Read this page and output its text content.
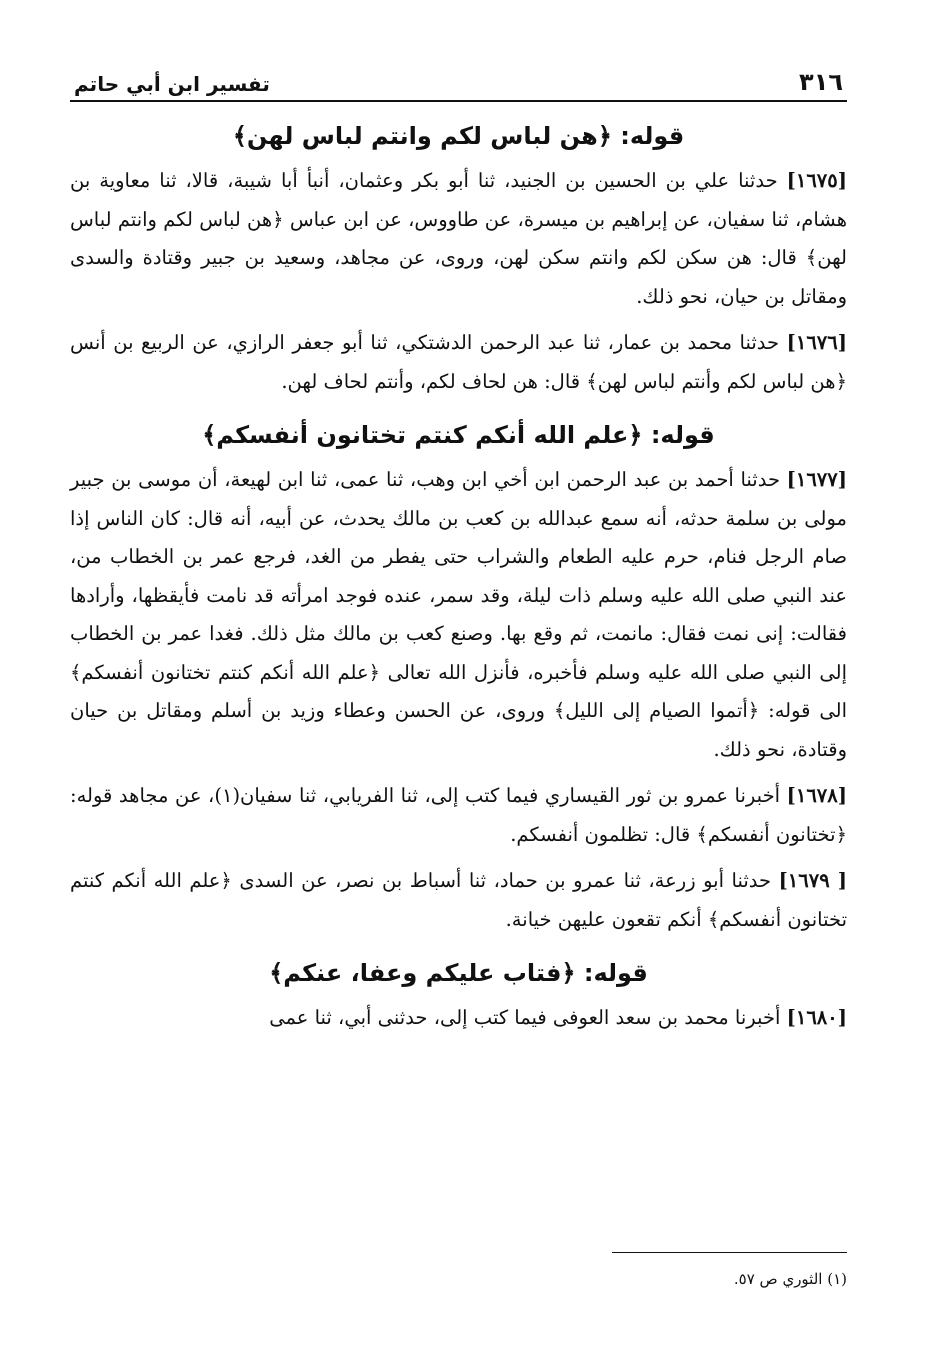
٣١٦
تفسير ابن أبي حاتم
قوله: ﴿هن لباس لكم وانتم لباس لهن﴾

[١٦٧٥] حدثنا علي بن الحسين بن الجنيد، ثنا أبو بكر وعثمان، أنبأ أبا شيبة، قالا، ثنا معاوية بن هشام، ثنا سفيان، عن إبراهيم بن ميسرة، عن طاووس، عن ابن عباس ﴿هن لباس لكم وانتم لباس لهن﴾ قال: هن سكن لكم وانتم سكن لهن، وروى، عن مجاهد، وسعيد بن جبير وقتادة والسدى ومقاتل بن حيان، نحو ذلك.

[١٦٧٦] حدثنا محمد بن عمار، ثنا عبد الرحمن الدشتكي، ثنا أبو جعفر الرازي، عن الربيع بن أنس ﴿هن لباس لكم وأنتم لباس لهن﴾ قال: هن لحاف لكم، وأنتم لحاف لهن.

قوله: ﴿علم الله أنكم كنتم تختانون أنفسكم﴾

[١٦٧٧] حدثنا أحمد بن عبد الرحمن ابن أخي ابن وهب، ثنا عمى، ثنا ابن لهيعة، أن موسى بن جبير مولى بن سلمة حدثه، أنه سمع عبدالله بن كعب بن مالك يحدث، عن أبيه، أنه قال: كان الناس إذا صام الرجل فنام، حرم عليه الطعام والشراب حتى يفطر من الغد، فرجع عمر بن الخطاب من، عند النبي صلى الله عليه وسلم ذات ليلة، وقد سمر، عنده فوجد امرأته قد نامت فأيقظها، وأرادها فقالت: إنى نمت فقال: مانمت، ثم وقع بها. وصنع كعب بن مالك مثل ذلك. فغدا عمر بن الخطاب إلى النبي صلى الله عليه وسلم فأخبره، فأنزل الله تعالى ﴿علم الله أنكم كنتم تختانون أنفسكم﴾ الى قوله: ﴿أتموا الصيام إلى الليل﴾ وروى، عن الحسن وعطاء وزيد بن أسلم ومقاتل بن حيان وقتادة، نحو ذلك.

[١٦٧٨] أخبرنا عمرو بن ثور القيساري فيما كتب إلى، ثنا الفريابي، ثنا سفيان(١)، عن مجاهد قوله: ﴿تختانون أنفسكم﴾ قال: تظلمون أنفسكم.

[ ١٦٧٩] حدثنا أبو زرعة، ثنا عمرو بن حماد، ثنا أسباط بن نصر، عن السدى ﴿علم الله أنكم كنتم تختانون أنفسكم﴾ أنكم تقعون عليهن خيانة.

قوله: ﴿فتاب عليكم وعفا، عنكم﴾

[١٦٨٠] أخبرنا محمد بن سعد العوفى فيما كتب إلى، حدثنى أبي، ثنا عمى

(١) الثوري ص ٥٧.
